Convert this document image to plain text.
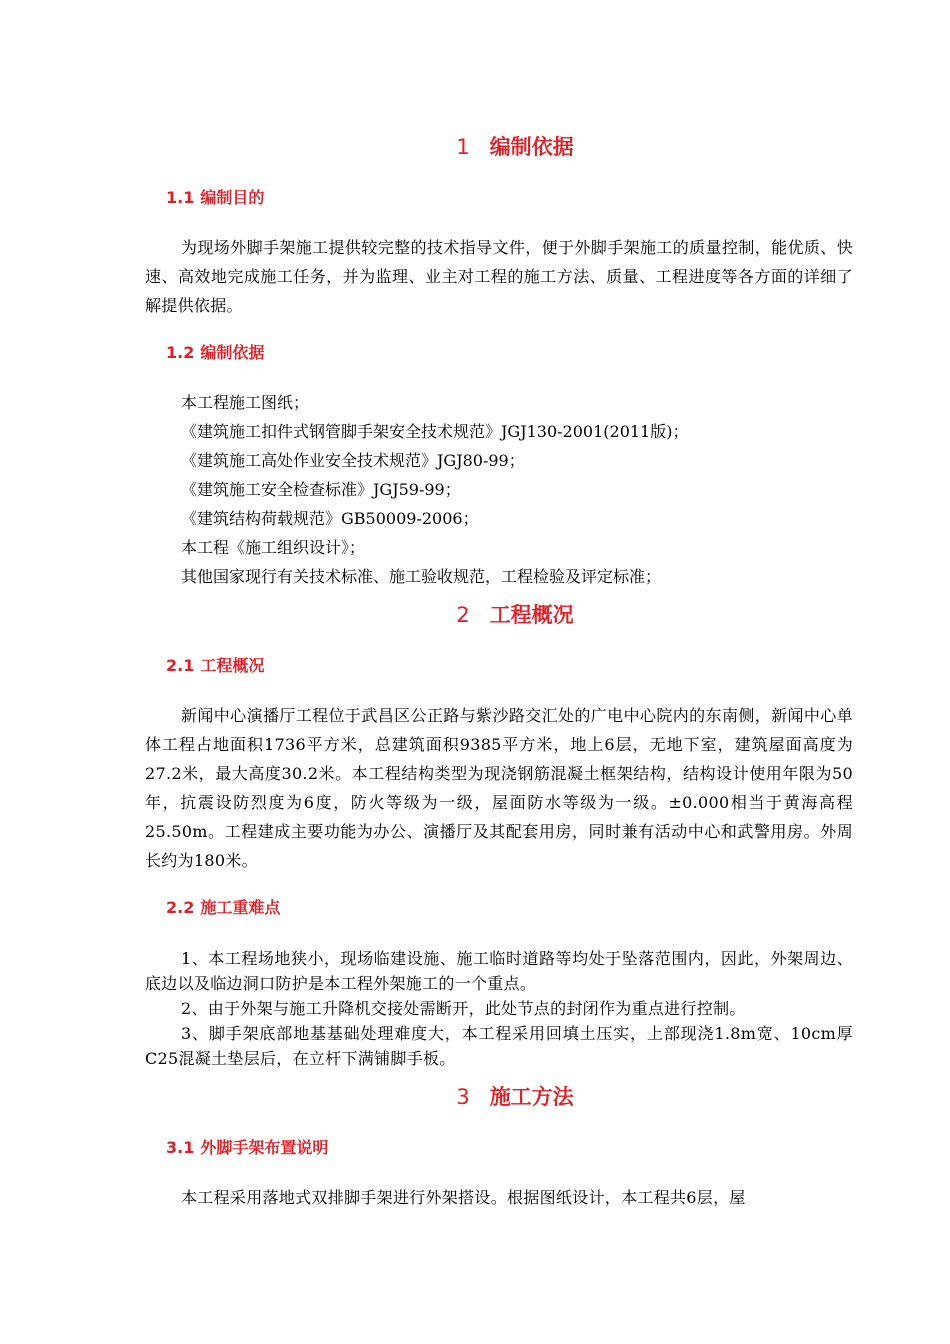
1 编制依据
1.1 编制目的
为现场外脚手架施工提供较完整的技术指导文件，便于外脚手架施工的质量控制，能优质、快速、高效地完成施工任务，并为监理、业主对工程的施工方法、质量、工程进度等各方面的详细了解提供依据。
1.2 编制依据
本工程施工图纸；
《建筑施工扣件式钢管脚手架安全技术规范》JGJ130-2001(2011版)；
《建筑施工高处作业安全技术规范》JGJ80-99；
《建筑施工安全检查标准》JGJ59-99；
《建筑结构荷载规范》GB50009-2006；
本工程《施工组织设计》；
其他国家现行有关技术标准、施工验收规范，工程检验及评定标准；
2 工程概况
2.1 工程概况
新闻中心演播厅工程位于武昌区公正路与紫沙路交汇处的广电中心院内的东南侧，新闻中心单体工程占地面积1736平方米，总建筑面积9385平方米，地上6层，无地下室，建筑屋面高度为27.2米，最大高度30.2米。本工程结构类型为现浇钢筋混凝土框架结构，结构设计使用年限为50年，抗震设防烈度为6度，防火等级为一级，屋面防水等级为一级。±0.000相当于黄海高程25.50m。工程建成主要功能为办公、演播厅及其配套用房，同时兼有活动中心和武警用房。外周长约为180米。
2.2 施工重难点
1、本工程场地狭小，现场临建设施、施工临时道路等均处于坠落范围内，因此，外架周边、底边以及临边洞口防护是本工程外架施工的一个重点。
2、由于外架与施工升降机交接处需断开，此处节点的封闭作为重点进行控制。
3、脚手架底部地基基础处理难度大，本工程采用回填土压实，上部现浇1.8m宽、10cm厚C25混凝土垫层后，在立杆下满铺脚手板。
3 施工方法
3.1 外脚手架布置说明
本工程采用落地式双排脚手架进行外架搭设。根据图纸设计，本工程共6层，屋
